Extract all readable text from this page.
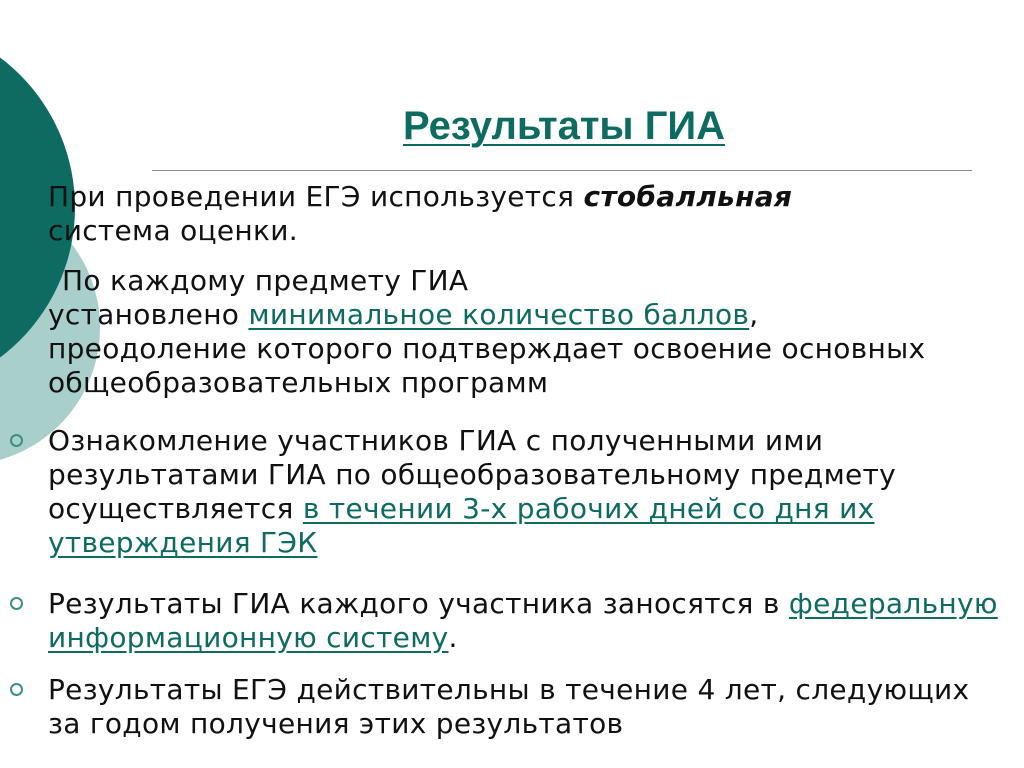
Результаты ГИА

При проведении ЕГЭ используется стобалльная
система оценки.

По каждому предмету ГИА
установлено минимальное количество баллов,
преодоление которого подтверждает освоение основных общеобразовательных программ

Ознакомление участников ГИА с полученными ими результатами ГИА по общеобразовательному предмету осуществляется в течении 3-х рабочих дней со дня их утверждения ГЭК

Результаты ГИА каждого участника заносятся в федеральную информационную систему.

Результаты ЕГЭ действительны в течение 4 лет, следующих за годом получения этих результатов
